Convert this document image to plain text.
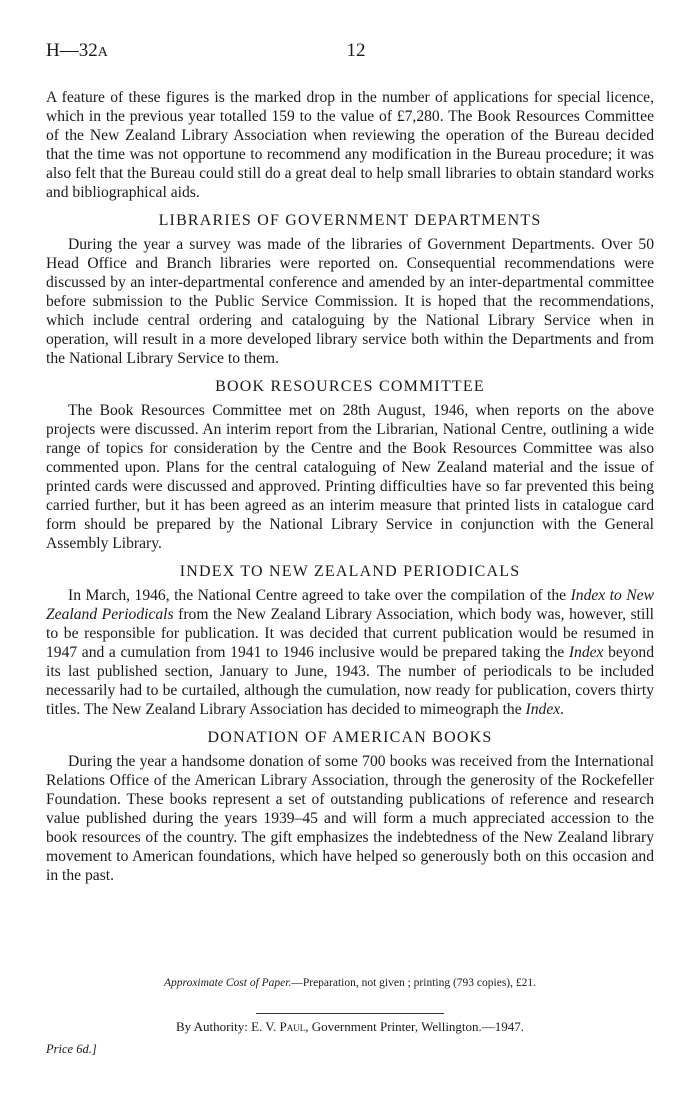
H—32A	12

A feature of these figures is the marked drop in the number of applications for special licence, which in the previous year totalled 159 to the value of £7,280. The Book Resources Committee of the New Zealand Library Association when reviewing the operation of the Bureau decided that the time was not opportune to recommend any modification in the Bureau procedure; it was also felt that the Bureau could still do a great deal to help small libraries to obtain standard works and bibliographical aids.

LIBRARIES OF GOVERNMENT DEPARTMENTS

During the year a survey was made of the libraries of Government Departments. Over 50 Head Office and Branch libraries were reported on. Consequential recommendations were discussed by an inter-departmental conference and amended by an inter-departmental committee before submission to the Public Service Commission. It is hoped that the recommendations, which include central ordering and cataloguing by the National Library Service when in operation, will result in a more developed library service both within the Departments and from the National Library Service to them.

BOOK RESOURCES COMMITTEE

The Book Resources Committee met on 28th August, 1946, when reports on the above projects were discussed. An interim report from the Librarian, National Centre, outlining a wide range of topics for consideration by the Centre and the Book Resources Committee was also commented upon. Plans for the central cataloguing of New Zealand material and the issue of printed cards were discussed and approved. Printing difficulties have so far prevented this being carried further, but it has been agreed as an interim measure that printed lists in catalogue card form should be prepared by the National Library Service in conjunction with the General Assembly Library.

INDEX TO NEW ZEALAND PERIODICALS

In March, 1946, the National Centre agreed to take over the compilation of the Index to New Zealand Periodicals from the New Zealand Library Association, which body was, however, still to be responsible for publication. It was decided that current publication would be resumed in 1947 and a cumulation from 1941 to 1946 inclusive would be prepared taking the Index beyond its last published section, January to June, 1943. The number of periodicals to be included necessarily had to be curtailed, although the cumulation, now ready for publication, covers thirty titles. The New Zealand Library Association has decided to mimeograph the Index.

DONATION OF AMERICAN BOOKS

During the year a handsome donation of some 700 books was received from the International Relations Office of the American Library Association, through the generosity of the Rockefeller Foundation. These books represent a set of outstanding publications of reference and research value published during the years 1939–45 and will form a much appreciated accession to the book resources of the country. The gift emphasizes the indebtedness of the New Zealand library movement to American foundations, which have helped so generously both on this occasion and in the past.

Approximate Cost of Paper.—Preparation, not given ; printing (793 copies), £21.
By Authority: E. V. Paul, Government Printer, Wellington.—1947.
Price 6d.]
